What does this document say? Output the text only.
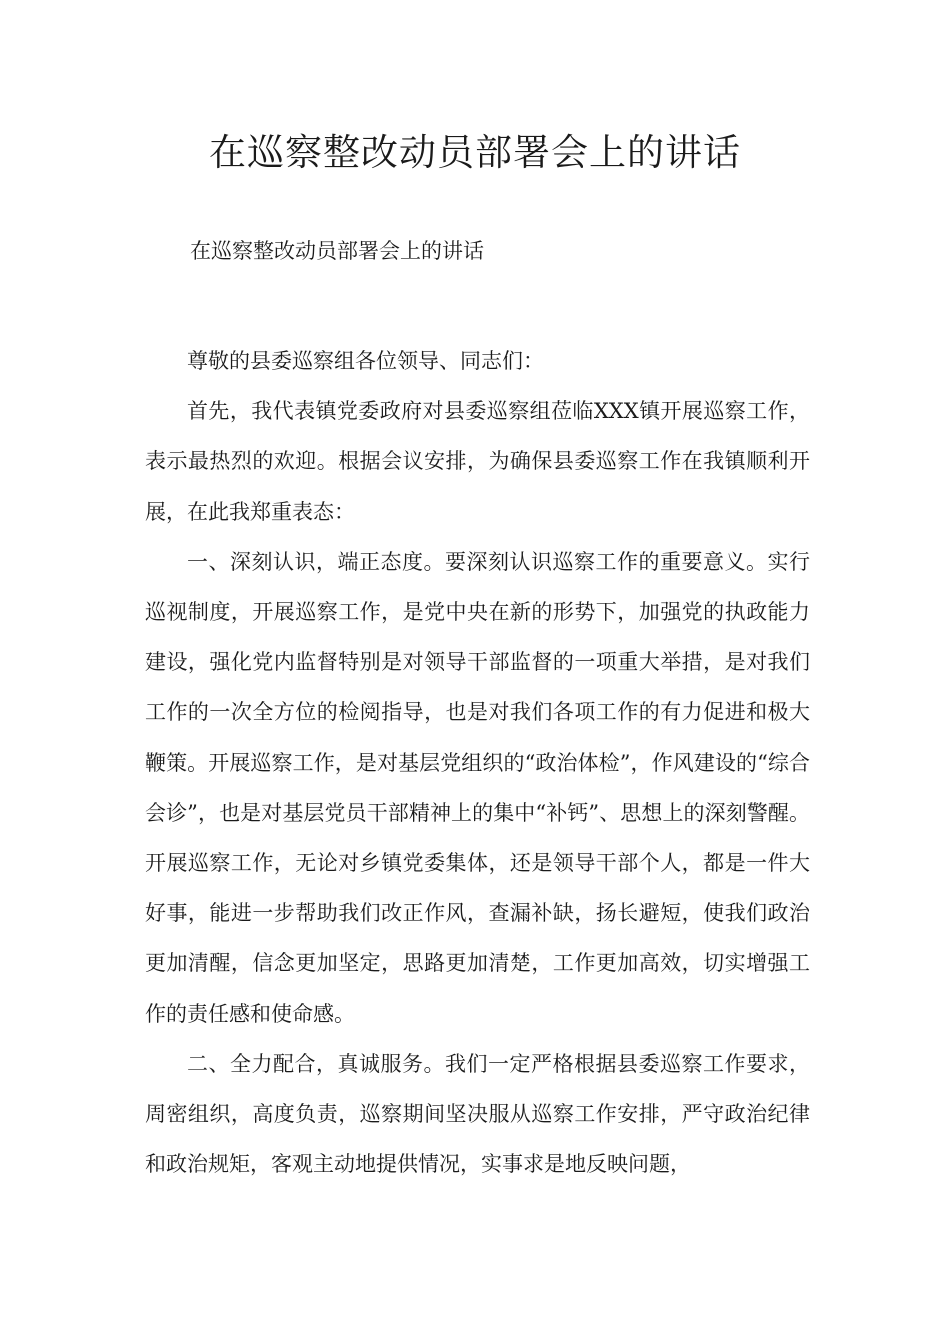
在巡察整改动员部署会上的讲话

在巡察整改动员部署会上的讲话

尊敬的县委巡察组各位领导、同志们：

首先，我代表镇党委政府对县委巡察组莅临XXX镇开展巡察工作，表示最热烈的欢迎。根据会议安排，为确保县委巡察工作在我镇顺利开展，在此我郑重表态：

一、深刻认识，端正态度。要深刻认识巡察工作的重要意义。实行巡视制度，开展巡察工作，是党中央在新的形势下，加强党的执政能力建设，强化党内监督特别是对领导干部监督的一项重大举措，是对我们工作的一次全方位的检阅指导，也是对我们各项工作的有力促进和极大鞭策。开展巡察工作，是对基层党组织的“政治体检”，作风建设的“综合会诊”，也是对基层党员干部精神上的集中“补钙”、思想上的深刻警醒。开展巡察工作，无论对乡镇党委集体，还是领导干部个人，都是一件大好事，能进一步帮助我们改正作风，查漏补缺，扬长避短，使我们政治更加清醒，信念更加坚定，思路更加清楚，工作更加高效，切实增强工作的责任感和使命感。

二、全力配合，真诚服务。我们一定严格根据县委巡察工作要求，周密组织，高度负责，巡察期间坚决服从巡察工作安排，严守政治纪律和政治规矩，客观主动地提供情况，实事求是地反映问题，
